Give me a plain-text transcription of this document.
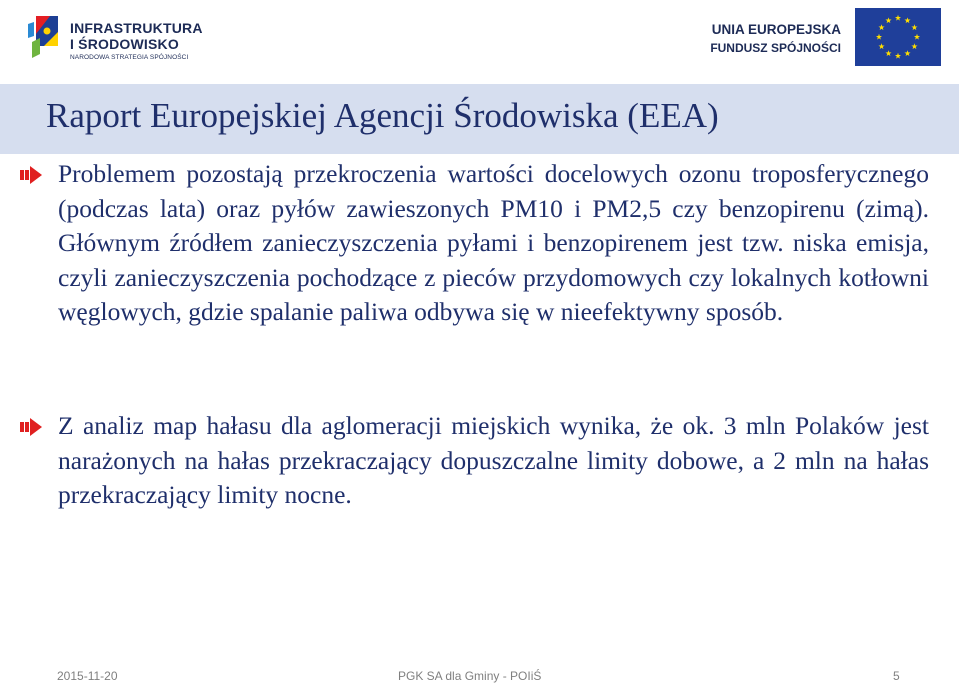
INFRASTRUKTURA
I ŚRODOWISKO
NARODOWA STRATEGIA SPÓJNOŚCI
UNIA EUROPEJSKA
FUNDUSZ SPÓJNOŚCI
Raport Europejskiej Agencji Środowiska (EEA)

Problemem pozostają przekroczenia wartości docelowych ozonu troposferycznego (podczas lata) oraz pyłów zawieszonych PM10 i PM2,5 czy benzopirenu (zimą). Głównym źródłem zanieczyszczenia pyłami i benzopirenem jest tzw. niska emisja, czyli zanieczyszczenia pochodzące z pieców przydomowych czy lokalnych kotłowni węglowych, gdzie spalanie paliwa odbywa się w nieefektywny sposób.

Z analiz map hałasu dla aglomeracji miejskich wynika, że ok. 3 mln Polaków jest narażonych na hałas przekraczający dopuszczalne limity dobowe, a 2 mln na hałas przekraczający limity nocne.

2015-11-20	PGK SA dla Gminy - POIiŚ	5
